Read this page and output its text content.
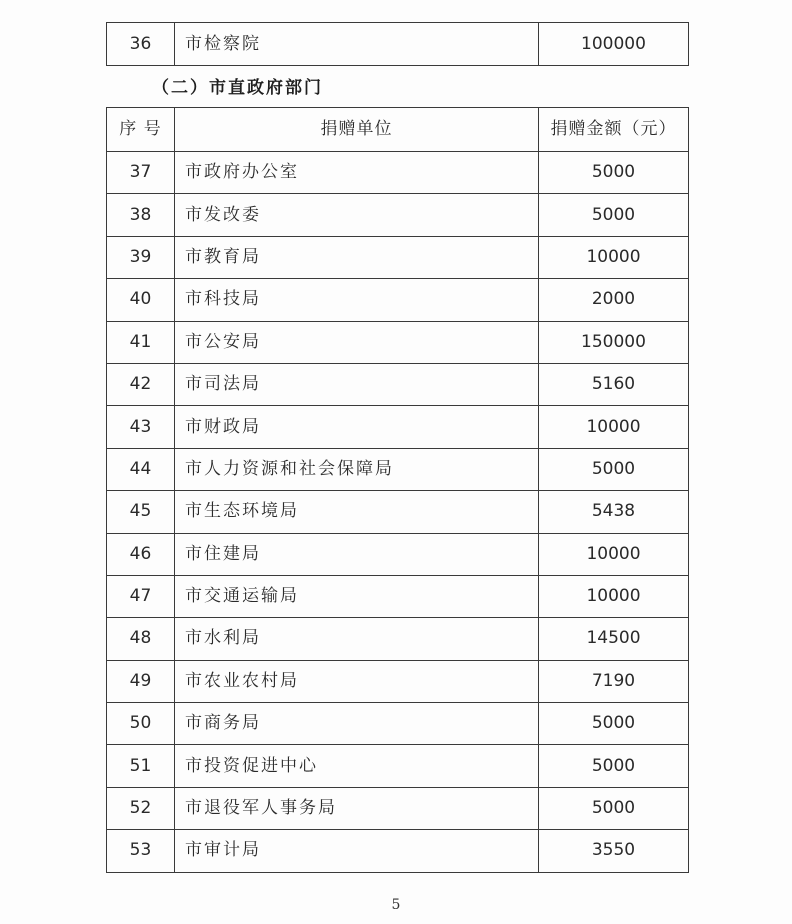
36	市检察院	100000
（二）市直政府部门
序 号	捐赠单位	捐赠金额（元）
37	市政府办公室	5000
38	市发改委	5000
39	市教育局	10000
40	市科技局	2000
41	市公安局	150000
42	市司法局	5160
43	市财政局	10000
44	市人力资源和社会保障局	5000
45	市生态环境局	5438
46	市住建局	10000
47	市交通运输局	10000
48	市水利局	14500
49	市农业农村局	7190
50	市商务局	5000
51	市投资促进中心	5000
52	市退役军人事务局	5000
53	市审计局	3550
5
